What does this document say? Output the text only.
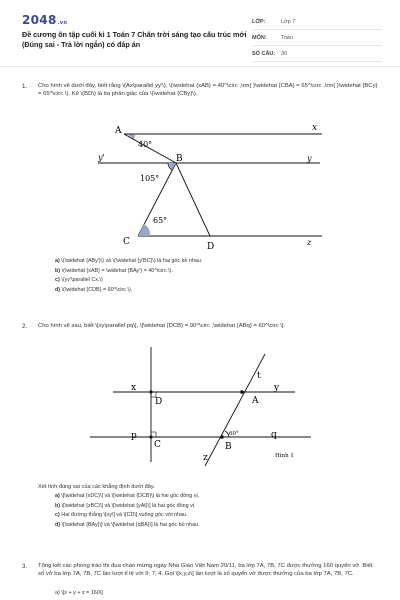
2048.vn
Đề cương ôn tập cuối kì 1 Toán 7 Chân trời sáng tạo cấu trúc mới (Đúng sai - Trả lời ngắn) có đáp án
LỚP:	Lớp 7
MÔN:	Toán
SỐ CÂU:	30
1. Cho hình vẽ dưới đây, biết rằng \(Ax\parallel yy'\), \(\widehat {xAB} = 40^\circ ,\rm{ }\widehat {CBA} = 65^\circ ,\rm{ }\widehat {BCy} = 65^\circ \). Kẻ \(BD\) là tia phân giác của \(\widehat {CBy}\).
A	x
40°
y'	B	y
105°
65°
C	D	z
a) \(\widehat {ABy'}\) và \(\widehat {y'BC}\) là hai góc kề nhau.
b) \(\widehat {xAB} = \widehat {BAy'} = 40^\circ \).
c) \(yy'\parallel Cx.\)
d) \(\widehat {CDB} = 60^\circ \).
2. Cho hình vẽ sau, biết \[xy\parallel pq\], \[\widehat {DCB} = 90^\circ ,\widehat {ABq} = 60^\circ \].
x	y
t
D	A
p	q
60°
C	B
z	Hình 1
Xét tính đúng sai của các khẳng định dưới đây.
a) \[\widehat {xDC}\] và \[\widehat {DCB}\] là hai góc đồng vị.
b) \[\widehat {zBC}\] và \[\widehat {yAt}\] là hai góc đồng vị.
c) Hai đường thẳng \[xy\] và \[CD\] vuông góc với nhau.
d) \[\widehat {BAy}\] và \[\widehat {qBA}\] là hai góc bù nhau.
3. Tổng kết các phong trào thi đua chào mừng ngày Nhà Giáo Việt Nam 20/11, ba lớp 7A, 7B, 7C được thưởng 160 quyển vở. Biết số vở ba lớp 7A, 7B, 7C lần lượt tỉ lệ với 9; 7; 4. Gọi \[x,y,z\] lần lượt là số quyển vở được thưởng của ba lớp 7A, 7B, 7C.
a) \[x + y + z = 160\]
